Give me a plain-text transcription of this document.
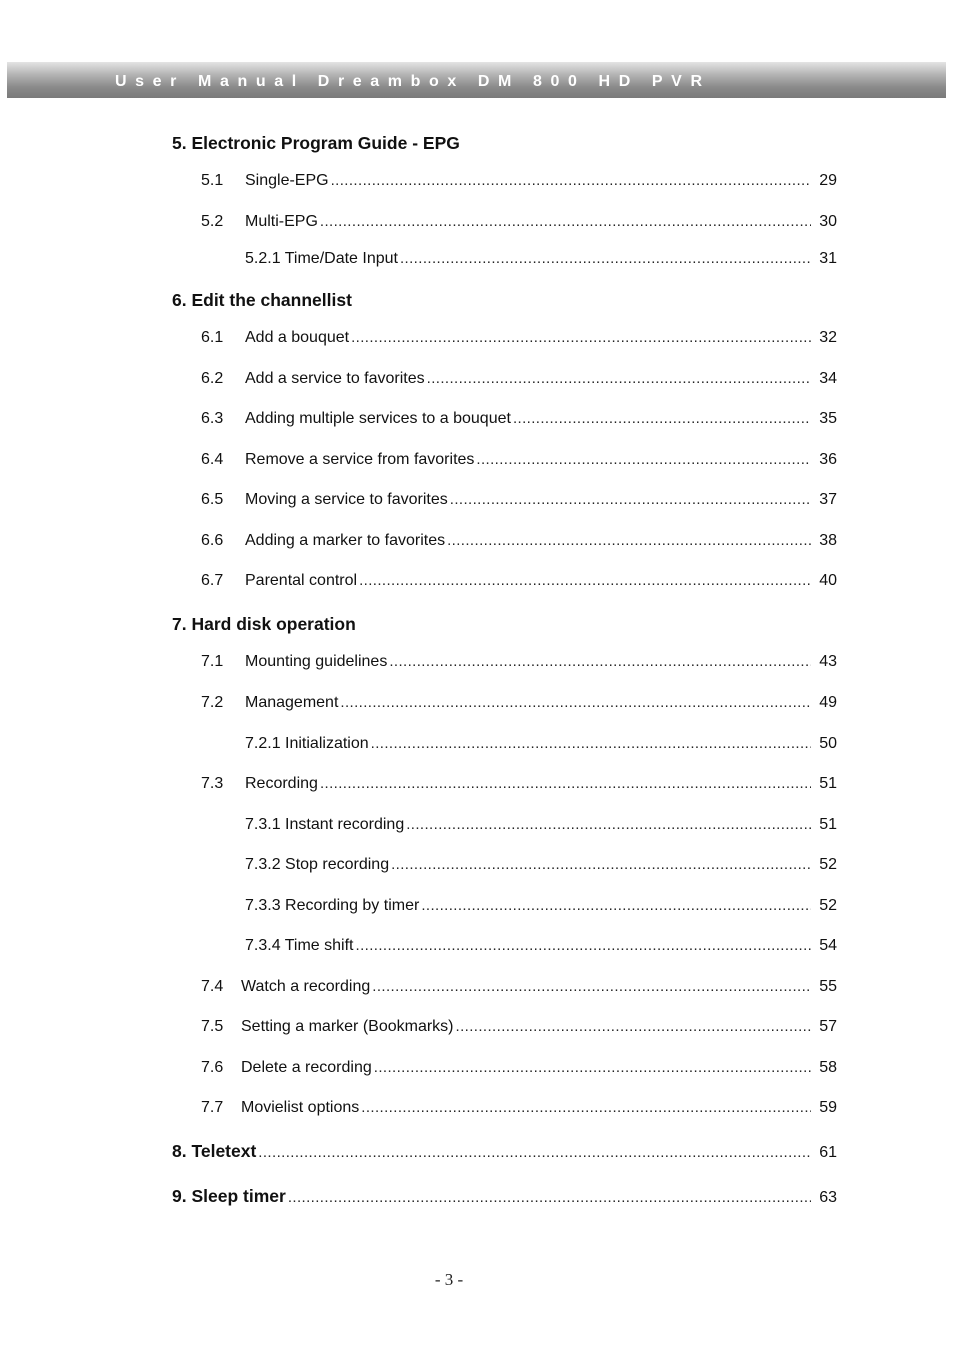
User Manual Dreambox DM 800 HD PVR
5. Electronic Program Guide - EPG
5.1	Single-EPG .....	29
5.2	Multi-EPG .....	30
5.2.1 Time/Date Input .....	31
6. Edit the channellist
6.1	Add a bouquet .....	32
6.2	Add a service to favorites .....	34
6.3	Adding multiple services to a bouquet .....	35
6.4	Remove a service from favorites .....	36
6.5	Moving a service to favorites .....	37
6.6	Adding a marker to favorites .....	38
6.7	Parental control .....	40
7. Hard disk operation
7.1	Mounting guidelines .....	43
7.2	Management .....	49
7.2.1 Initialization .....	50
7.3	Recording .....	51
7.3.1 Instant recording .....	51
7.3.2 Stop recording .....	52
7.3.3 Recording by timer .....	52
7.3.4 Time shift .....	54
7.4	Watch a recording .....	55
7.5	Setting a marker (Bookmarks) .....	57
7.6	Delete a recording .....	58
7.7	Movielist options .....	59
8. Teletext .....	61
9. Sleep timer .....	63
- 3 -
